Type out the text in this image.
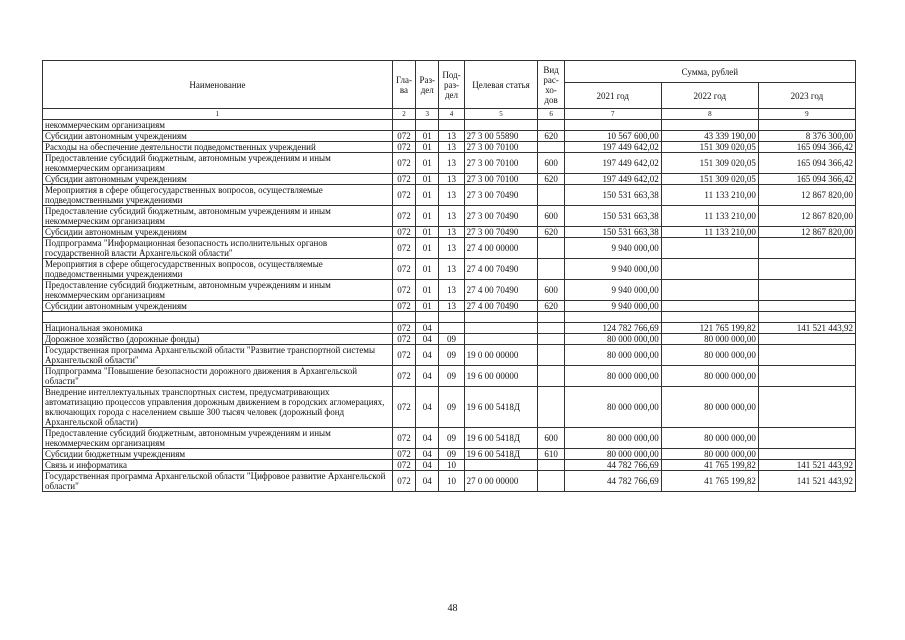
Наименование	Гла- ва	Раз- дел	Под- раз- дел	Целевая статья	Вид рас- хо- дов	Сумма, рублей		
						2021 год	2022 год	2023 год
1	2	3	4	5	6	7	8	9
некоммерческим организациям								
Субсидии автономным учреждениям	072	01	13	27 3 00 55890	620	10 567 600,00	43 339 190,00	8 376 300,00
Расходы на обеспечение деятельности подведомственных учреждений	072	01	13	27 3 00 70100		197 449 642,02	151 309 020,05	165 094 366,42
Предоставление субсидий бюджетным, автономным учреждениям и иным некоммерческим организациям	072	01	13	27 3 00 70100	600	197 449 642,02	151 309 020,05	165 094 366,42
Субсидии автономным учреждениям	072	01	13	27 3 00 70100	620	197 449 642,02	151 309 020,05	165 094 366,42
Мероприятия в сфере общегосударственных вопросов, осуществляемые подведомственными учреждениями	072	01	13	27 3 00 70490		150 531 663,38	11 133 210,00	12 867 820,00
Предоставление субсидий бюджетным, автономным учреждениям и иным некоммерческим организациям	072	01	13	27 3 00 70490	600	150 531 663,38	11 133 210,00	12 867 820,00
Субсидии автономным учреждениям	072	01	13	27 3 00 70490	620	150 531 663,38	11 133 210,00	12 867 820,00
Подпрограмма "Информационная безопасность исполнительных органов государственной власти Архангельской области"	072	01	13	27 4 00 00000		9 940 000,00		
Мероприятия в сфере общегосударственных вопросов, осуществляемые подведомственными учреждениями	072	01	13	27 4 00 70490		9 940 000,00		
Предоставление субсидий бюджетным, автономным учреждениям и иным некоммерческим организациям	072	01	13	27 4 00 70490	600	9 940 000,00		
Субсидии автономным учреждениям	072	01	13	27 4 00 70490	620	9 940 000,00		

Национальная экономика	072	04				124 782 766,69	121 765 199,82	141 521 443,92
Дорожное хозяйство (дорожные фонды)	072	04	09			80 000 000,00	80 000 000,00	
Государственная программа Архангельской области "Развитие транспортной системы Архангельской области"	072	04	09	19 0 00 00000		80 000 000,00	80 000 000,00	
Подпрограмма "Повышение безопасности дорожного движения в Архангельской области"	072	04	09	19 6 00 00000		80 000 000,00	80 000 000,00	
Внедрение интеллектуальных транспортных систем, предусматривающих автоматизацию процессов управления дорожным движением в городских агломерациях, включающих города с населением свыше 300 тысяч человек (дорожный фонд Архангельской области)	072	04	09	19 6 00 5418Д		80 000 000,00	80 000 000,00	
Предоставление субсидий бюджетным, автономным учреждениям и иным некоммерческим организациям	072	04	09	19 6 00 5418Д	600	80 000 000,00	80 000 000,00	
Субсидии бюджетным учреждениям	072	04	09	19 6 00 5418Д	610	80 000 000,00	80 000 000,00	
Связь и информатика	072	04	10			44 782 766,69	41 765 199,82	141 521 443,92
Государственная программа Архангельской области "Цифровое развитие Архангельской области"	072	04	10	27 0 00 00000		44 782 766,69	41 765 199,82	141 521 443,92
48
